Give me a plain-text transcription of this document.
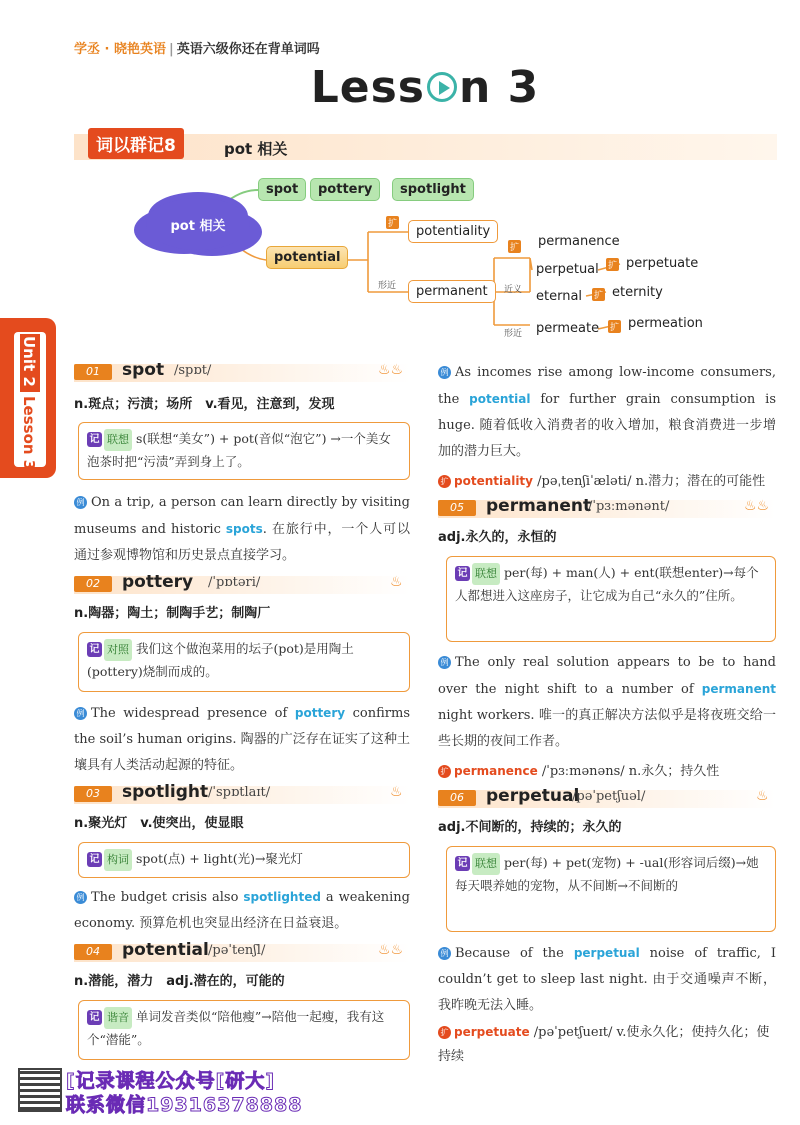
学丞 · 晓艳英语 | 英语六级你还在背单词吗
Less n 3
词以群记8	pot 相关
pot 相关
spot	pottery	spotlight
potential
potentiality
permanent
扩
形近
扩 permanence
近义
perpetual 扩 perpetuate
eternal 扩 eternity
形近 permeate 扩 permeation
Unit 2
Lesson 3
01	spot /spɒt/	♨♨
n.斑点；污渍；场所　v.看见，注意到，发现
记 联想 s(联想“美女”) + pot(音似“泡它”) →一个美女泡茶时把“污渍”弄到身上了。
例 On a trip, a person can learn directly by visiting museums and historic spots. 在旅行中，一个人可以通过参观博物馆和历史景点直接学习。
02	pottery /ˈpɒtəri/	♨
n.陶器；陶土；制陶手艺；制陶厂
记 对照 我们这个做泡菜用的坛子(pot)是用陶土(pottery)烧制而成的。
例 The widespread presence of pottery confirms the soil’s human origins. 陶器的广泛存在证实了这种土壤具有人类活动起源的特征。
03	spotlight /ˈspɒtlaɪt/	♨
n.聚光灯　v.使突出，使显眼
记 构词 spot(点) + light(光)→聚光灯
例 The budget crisis also spotlighted a weakening economy. 预算危机也突显出经济在日益衰退。
04	potential /pəˈtenʃl/	♨♨
n.潜能，潜力　adj.潜在的，可能的
记 谐音 单词发音类似“陪他瘦”→陪他一起瘦，我有这个“潜能”。
例 As incomes rise among low-income consumers, the potential for further grain consumption is huge. 随着低收入消费者的收入增加，粮食消费进一步增加的潜力巨大。
扩 potentiality /pəˌtenʃiˈæləti/ n.潜力；潜在的可能性
05	permanent
/ˈpɜːmənənt/	♨♨
adj.永久的，永恒的
记 联想 per(每) + man(人) + ent(联想enter)→每个人都想进入这座房子，让它成为自己“永久的”住所。
例 The only real solution appears to be to hand over the night shift to a number of permanent night workers. 唯一的真正解决方法似乎是将夜班交给一些长期的夜间工作者。
扩 permanence /ˈpɜːmənəns/ n.永久；持久性
06	perpetual
/pəˈpetʃuəl/	♨
adj.不间断的，持续的；永久的
记 联想 per(每) + pet(宠物) + -ual(形容词后缀)→她每天喂养她的宠物，从不间断→不间断的
例 Because of the perpetual noise of traffic, I couldn’t get to sleep last night. 由于交通噪声不断，我昨晚无法入睡。
扩 perpetuate /pəˈpetʃueɪt/ v.使永久化；使持久化；使持续
[记录课程公众号[研大]
联系微信19316378888
